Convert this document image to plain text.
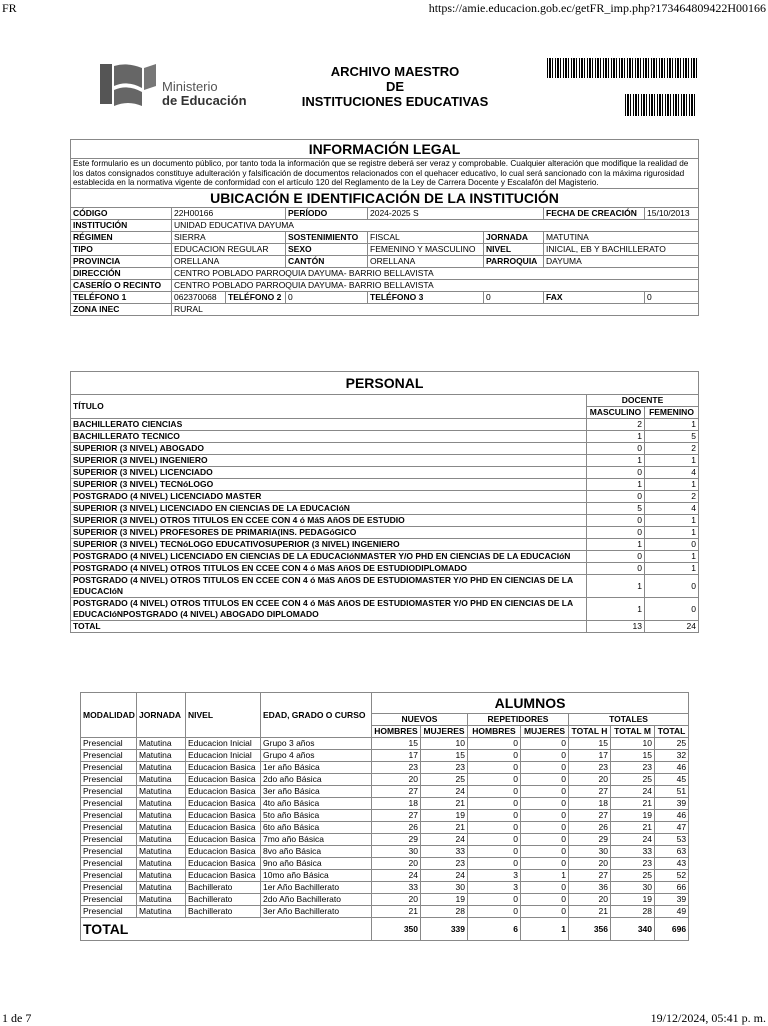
FR	https://amie.educacion.gob.ec/getFR_imp.php?173464809422H00166
1 de 7	19/12/2024, 05:41 p. m.
Ministerio
de Educación
ARCHIVO MAESTRO
DE
INSTITUCIONES EDUCATIVAS
INFORMACIÓN LEGAL							
Este formulario es un documento público, por tanto toda la información que se registre deberá ser veraz y comprobable. Cualquier alteración que modifique la realidad de los datos consignados constituye adulteración y falsificación de documentos relacionados con el quehacer educativo, lo cual será sancionado con la máxima rigurosidad establecida en la normativa vigente de conformidad con el artículo 120 del Reglamento de la Ley de Carrera Docente y Escalafón del Magisterio.							
UBICACIÓN E IDENTIFICACIÓN DE LA INSTITUCIÓN							
CÓDIGO	22H00166		PERÍODO	2024-2025 S		FECHA DE CREACIÓN	15/10/2013
INSTITUCIÓN	UNIDAD EDUCATIVA DAYUMA						
RÉGIMEN	SIERRA		SOSTENIMIENTO	FISCAL	JORNADA	MATUTINA	
TIPO	EDUCACION REGULAR		SEXO	FEMENINO Y MASCULINO	NIVEL	INICIAL, EB Y BACHILLERATO	
PROVINCIA	ORELLANA		CANTÓN	ORELLANA	PARROQUIA	DAYUMA	
DIRECCIÓN	CENTRO POBLADO PARROQUIA DAYUMA- BARRIO BELLAVISTA						
CASERÍO O RECINTO	CENTRO POBLADO PARROQUIA DAYUMA- BARRIO BELLAVISTA						
TELÉFONO 1	062370068	TELÉFONO 2	0	TELÉFONO 3	0	FAX	0
ZONA INEC	RURAL						
PERSONAL		
TÍTULO	DOCENTE	
	MASCULINO	FEMENINO
BACHILLERATO CIENCIAS	2	1
BACHILLERATO TECNICO	1	5
SUPERIOR (3 NIVEL) ABOGADO	0	2
SUPERIOR (3 NIVEL) INGENIERO	1	1
SUPERIOR (3 NIVEL) LICENCIADO	0	4
SUPERIOR (3 NIVEL) TECNóLOGO	1	1
POSTGRADO (4 NIVEL) LICENCIADO MASTER	0	2
SUPERIOR (3 NIVEL) LICENCIADO EN CIENCIAS DE LA EDUCACIóN	5	4
SUPERIOR (3 NIVEL) OTROS TITULOS EN CCEE CON 4 ó MáS AñOS DE ESTUDIO	0	1
SUPERIOR (3 NIVEL) PROFESORES DE PRIMARIA(INS. PEDAGóGICO	0	1
SUPERIOR (3 NIVEL) TECNóLOGO EDUCATIVOSUPERIOR (3 NIVEL) INGENIERO	1	0
POSTGRADO (4 NIVEL) LICENCIADO EN CIENCIAS DE LA EDUCACIóNMASTER Y/O PHD EN CIENCIAS DE LA EDUCACIóN	0	1
POSTGRADO (4 NIVEL) OTROS TITULOS EN CCEE CON 4 ó MáS AñOS DE ESTUDIODIPLOMADO	0	1
POSTGRADO (4 NIVEL) OTROS TITULOS EN CCEE CON 4 ó MáS AñOS DE ESTUDIOMASTER Y/O PHD EN CIENCIAS DE LA EDUCACIóN	1	0
POSTGRADO (4 NIVEL) OTROS TITULOS EN CCEE CON 4 ó MáS AñOS DE ESTUDIOMASTER Y/O PHD EN CIENCIAS DE LA EDUCACIóNPOSTGRADO (4 NIVEL) ABOGADO DIPLOMADO	1	0
TOTAL	13	24
MODALIDAD	JORNADA	NIVEL	EDAD, GRADO O CURSO	ALUMNOS						
				NUEVOS		REPETIDORES		TOTALES		
				HOMBRES	MUJERES	HOMBRES	MUJERES	TOTAL H	TOTAL M	TOTAL
Presencial	Matutina	Educacion Inicial	Grupo 3 años	15	10	0	0	15	10	25
Presencial	Matutina	Educacion Inicial	Grupo 4 años	17	15	0	0	17	15	32
Presencial	Matutina	Educacion Basica	1er año Básica	23	23	0	0	23	23	46
Presencial	Matutina	Educacion Basica	2do año Básica	20	25	0	0	20	25	45
Presencial	Matutina	Educacion Basica	3er año Básica	27	24	0	0	27	24	51
Presencial	Matutina	Educacion Basica	4to año Básica	18	21	0	0	18	21	39
Presencial	Matutina	Educacion Basica	5to año Básica	27	19	0	0	27	19	46
Presencial	Matutina	Educacion Basica	6to año Básica	26	21	0	0	26	21	47
Presencial	Matutina	Educacion Basica	7mo año Básica	29	24	0	0	29	24	53
Presencial	Matutina	Educacion Basica	8vo año Básica	30	33	0	0	30	33	63
Presencial	Matutina	Educacion Basica	9no año Básica	20	23	0	0	20	23	43
Presencial	Matutina	Educacion Basica	10mo año Básica	24	24	3	1	27	25	52
Presencial	Matutina	Bachillerato	1er Año Bachillerato	33	30	3	0	36	30	66
Presencial	Matutina	Bachillerato	2do Año Bachillerato	20	19	0	0	20	19	39
Presencial	Matutina	Bachillerato	3er Año Bachillerato	21	28	0	0	21	28	49
TOTAL				350	339	6	1	356	340	696
